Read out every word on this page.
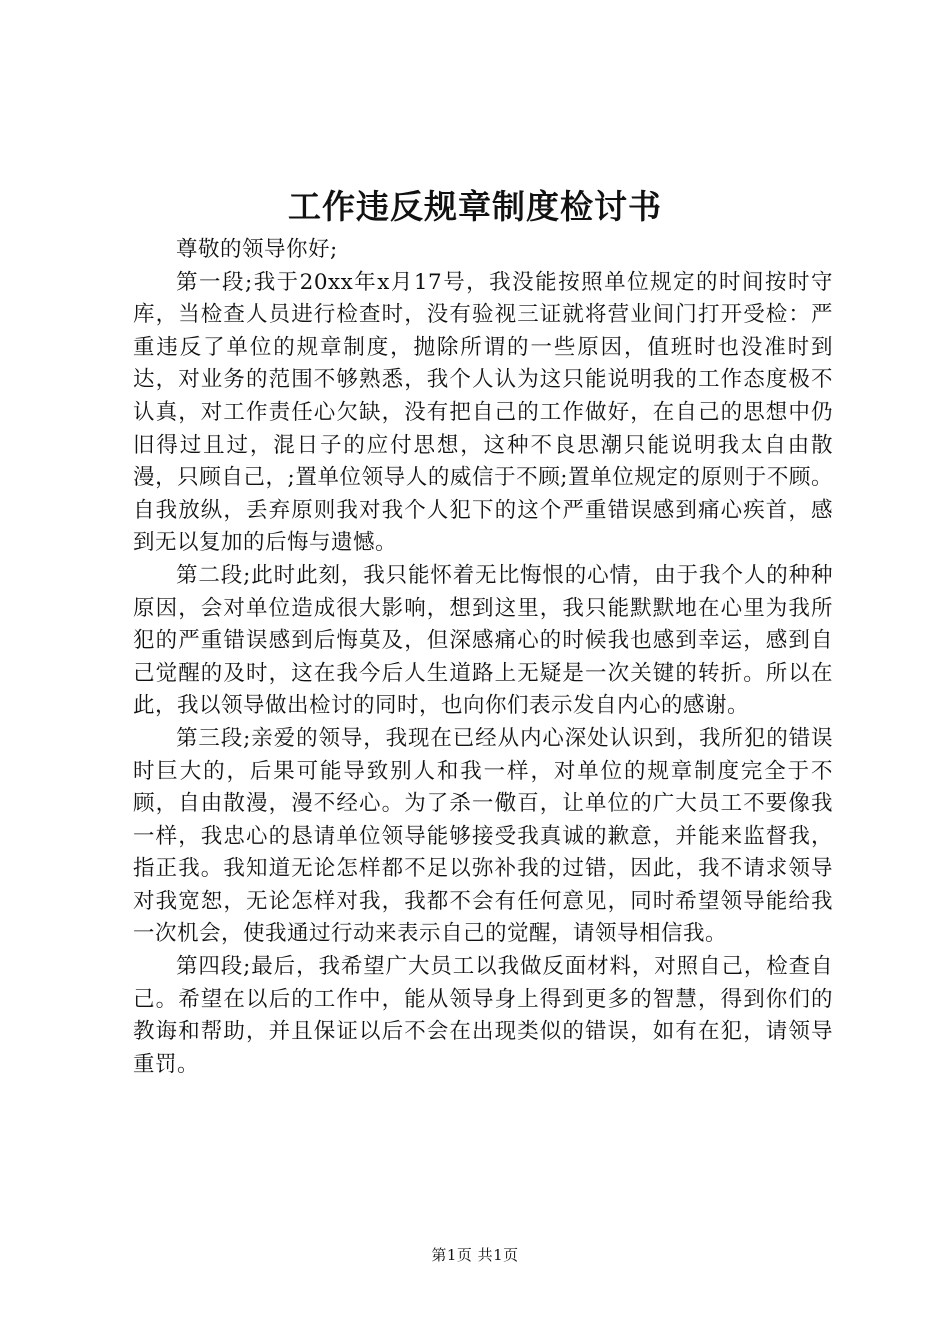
工作违反规章制度检讨书

尊敬的领导你好;

第一段;我于20xx年x月17号，我没能按照单位规定的时间按时守库，当检查人员进行检查时，没有验视三证就将营业间门打开受检：严重违反了单位的规章制度，抛除所谓的一些原因，值班时也没准时到达，对业务的范围不够熟悉，我个人认为这只能说明我的工作态度极不认真，对工作责任心欠缺，没有把自己的工作做好，在自己的思想中仍旧得过且过，混日子的应付思想，这种不良思潮只能说明我太自由散漫，只顾自己，;置单位领导人的威信于不顾;置单位规定的原则于不顾。自我放纵，丢弃原则我对我个人犯下的这个严重错误感到痛心疾首，感到无以复加的后悔与遗憾。

第二段;此时此刻，我只能怀着无比悔恨的心情，由于我个人的种种原因，会对单位造成很大影响，想到这里，我只能默默地在心里为我所犯的严重错误感到后悔莫及，但深感痛心的时候我也感到幸运，感到自己觉醒的及时，这在我今后人生道路上无疑是一次关键的转折。所以在此，我以领导做出检讨的同时，也向你们表示发自内心的感谢。

第三段;亲爱的领导，我现在已经从内心深处认识到，我所犯的错误时巨大的，后果可能导致别人和我一样，对单位的规章制度完全于不顾，自由散漫，漫不经心。为了杀一儆百，让单位的广大员工不要像我一样，我忠心的恳请单位领导能够接受我真诚的歉意，并能来监督我，指正我。我知道无论怎样都不足以弥补我的过错，因此，我不请求领导对我宽恕，无论怎样对我，我都不会有任何意见，同时希望领导能给我一次机会，使我通过行动来表示自己的觉醒，请领导相信我。

第四段;最后，我希望广大员工以我做反面材料，对照自己，检查自己。希望在以后的工作中，能从领导身上得到更多的智慧，得到你们的教诲和帮助，并且保证以后不会在出现类似的错误，如有在犯，请领导重罚。

第1页 共1页
